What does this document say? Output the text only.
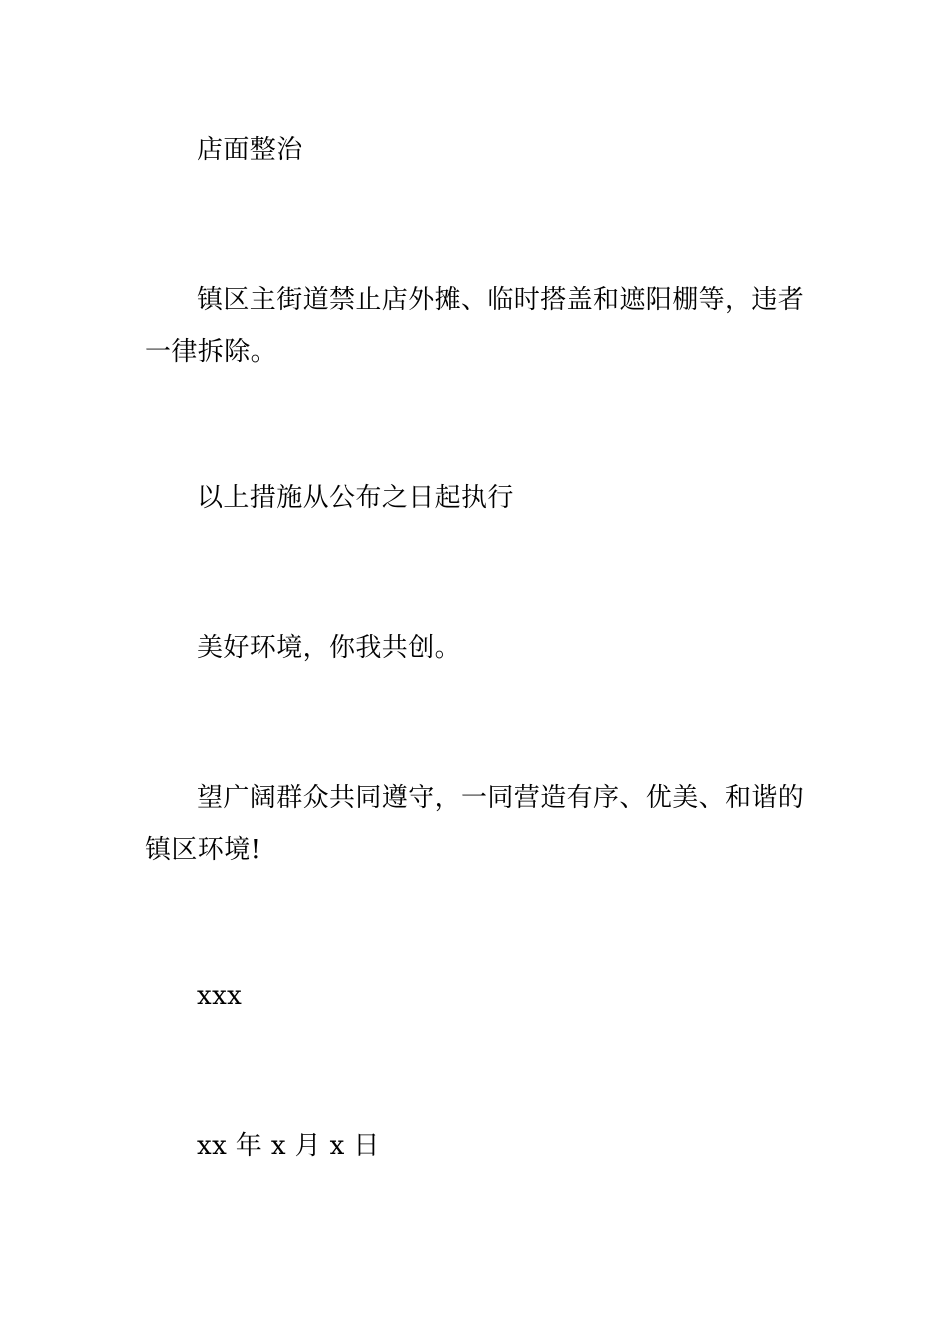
店面整治

镇区主街道禁止店外摊、临时搭盖和遮阳棚等，违者一律拆除。

以上措施从公布之日起执行

美好环境，你我共创。

望广阔群众共同遵守，一同营造有序、优美、和谐的镇区环境!

xxx

xx 年 x 月 x 日
